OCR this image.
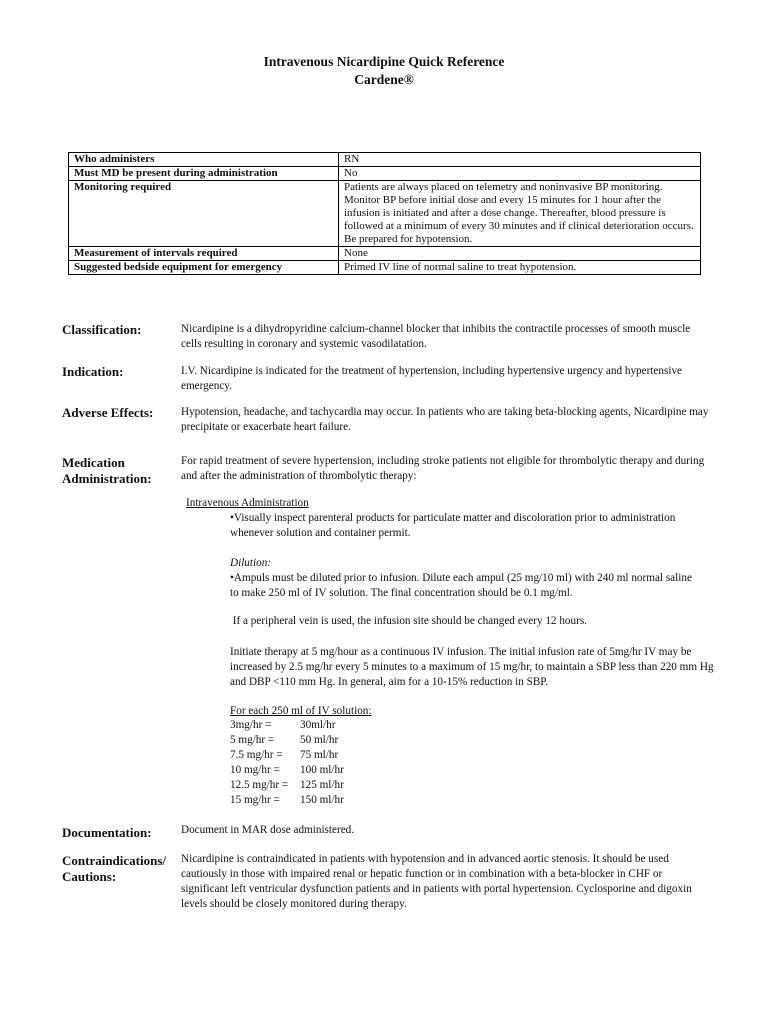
Intravenous Nicardipine Quick Reference
Cardene®
Who administers	RN
Must MD be present during administration	No
Monitoring required	Patients are always placed on telemetry and noninvasive BP monitoring.
Monitor BP before initial dose and every 15 minutes for 1 hour after the infusion is initiated and after a dose change. Thereafter, blood pressure is followed at a minimum of every 30 minutes and if clinical deterioration occurs. Be prepared for hypotension.

Measurement of intervals required	None
Suggested bedside equipment for emergency	Primed IV line of normal saline to treat hypotension.
Classification:	Nicardipine is a dihydropyridine calcium-channel blocker that inhibits the contractile processes of smooth muscle cells resulting in coronary and systemic vasodilatation.
Indication:	I.V. Nicardipine is indicated for the treatment of hypertension, including hypertensive urgency and hypertensive emergency.
Adverse Effects:	Hypotension, headache, and tachycardia may occur. In patients who are taking beta-blocking agents, Nicardipine may precipitate or exacerbate heart failure.
Medication
Administration:
For rapid treatment of severe hypertension, including stroke patients not eligible for thrombolytic therapy and during and after the administration of thrombolytic therapy:
Intravenous Administration
•Visually inspect parenteral products for particulate matter and discoloration prior to administration whenever solution and container permit.
Dilution:
•Ampuls must be diluted prior to infusion. Dilute each ampul (25 mg/10 ml) with 240 ml normal saline to make 250 ml of IV solution. The final concentration should be 0.1 mg/ml.
If a peripheral vein is used, the infusion site should be changed every 12 hours.
Initiate therapy at 5 mg/hour as a continuous IV infusion. The initial infusion rate of 5mg/hr IV may be increased by 2.5 mg/hr every 5 minutes to a maximum of 15 mg/hr, to maintain a SBP less than 220 mm Hg and DBP <110 mm Hg. In general, aim for a 10-15% reduction in SBP.
For each 250 ml of IV solution:
3mg/hr =	30ml/hr
5 mg/hr =	50 ml/hr
7.5 mg/hr =	75 ml/hr
10 mg/hr =	100 ml/hr
12.5 mg/hr =	125 ml/hr
15 mg/hr =	150 ml/hr
Documentation:	Document in MAR dose administered.
Contraindications/
Cautions:
Nicardipine is contraindicated in patients with hypotension and in advanced aortic stenosis. It should be used cautiously in those with impaired renal or hepatic function or in combination with a beta-blocker in CHF or significant left ventricular dysfunction patients and in patients with portal hypertension. Cyclosporine and digoxin levels should be closely monitored during therapy.
